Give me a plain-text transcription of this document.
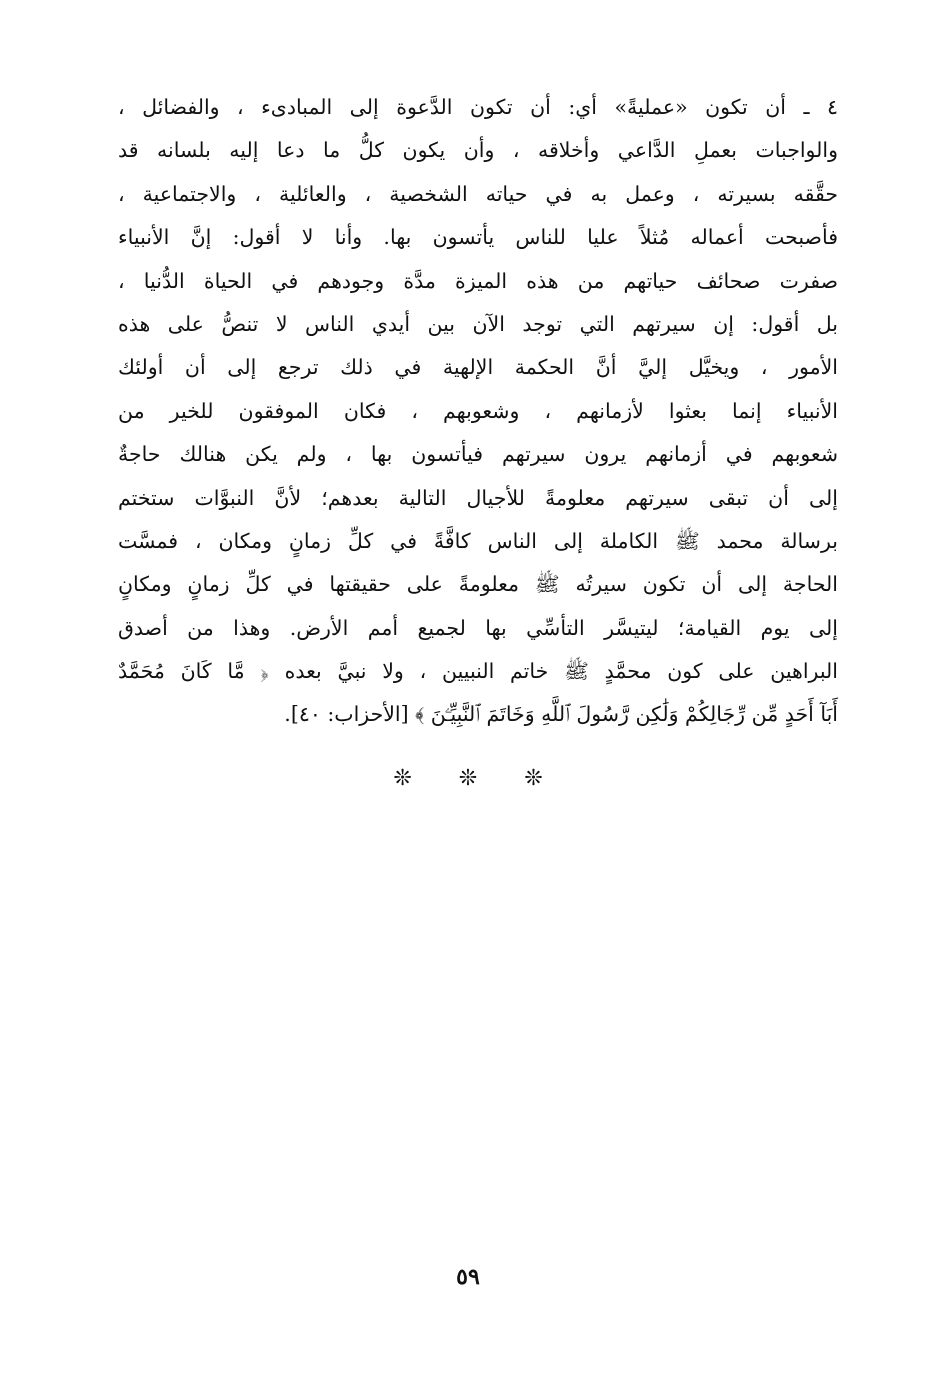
٤ ـ أن تكون «عمليةً» أي: أن تكون الدَّعوة إلى المبادىء ، والفضائل ،
والواجبات بعملِ الدَّاعي وأخلاقه ، وأن يكون كلُّ ما دعا إليه بلسانه قد
حقَّقه بسيرته ، وعمل به في حياته الشخصية ، والعائلية ، والاجتماعية ،
فأصبحت أعماله مُثلاً عليا للناس يأتسون بها. وأنا لا أقول: إنَّ الأنبياء
صفرت صحائف حياتهم من هذه الميزة مدَّة وجودهم في الحياة الدُّنيا ،
بل أقول: إن سيرتهم التي توجد الآن بين أيدي الناس لا تنصُّ على هذه
الأمور ، ويخيَّل إليَّ أنَّ الحكمة الإلهية في ذلك ترجع إلى أن أولئك
الأنبياء إنما بعثوا لأزمانهم ، وشعوبهم ، فكان الموفقون للخير من
شعوبهم في أزمانهم يرون سيرتهم فيأتسون بها ، ولم يكن هنالك حاجةٌ
إلى أن تبقى سيرتهم معلومةً للأجيال التالية بعدهم؛ لأنَّ النبوَّات ستختم
برسالة محمد ﷺ الكاملة إلى الناس كافَّةً في كلِّ زمانٍ ومكان ، فمسَّت
الحاجة إلى أن تكون سيرتُه ﷺ معلومةً على حقيقتها في كلِّ زمانٍ ومكانٍ
إلى يوم القيامة؛ ليتيسَّر التأسِّي بها لجميع أمم الأرض. وهذا من أصدق
البراهين على كون محمَّدٍ ﷺ خاتم النبيين ، ولا نبيَّ بعده ﴿ مَّا كَانَ مُحَمَّدٌ
أَبَآ أَحَدٍ مِّن رِّجَالِكُمْ وَلَٰكِن رَّسُولَ ٱللَّهِ وَخَاتَمَ ٱلنَّبِيِّـۧنَ ﴾ [الأحزاب: ٤٠].
❊ ❊ ❊
٥٩
